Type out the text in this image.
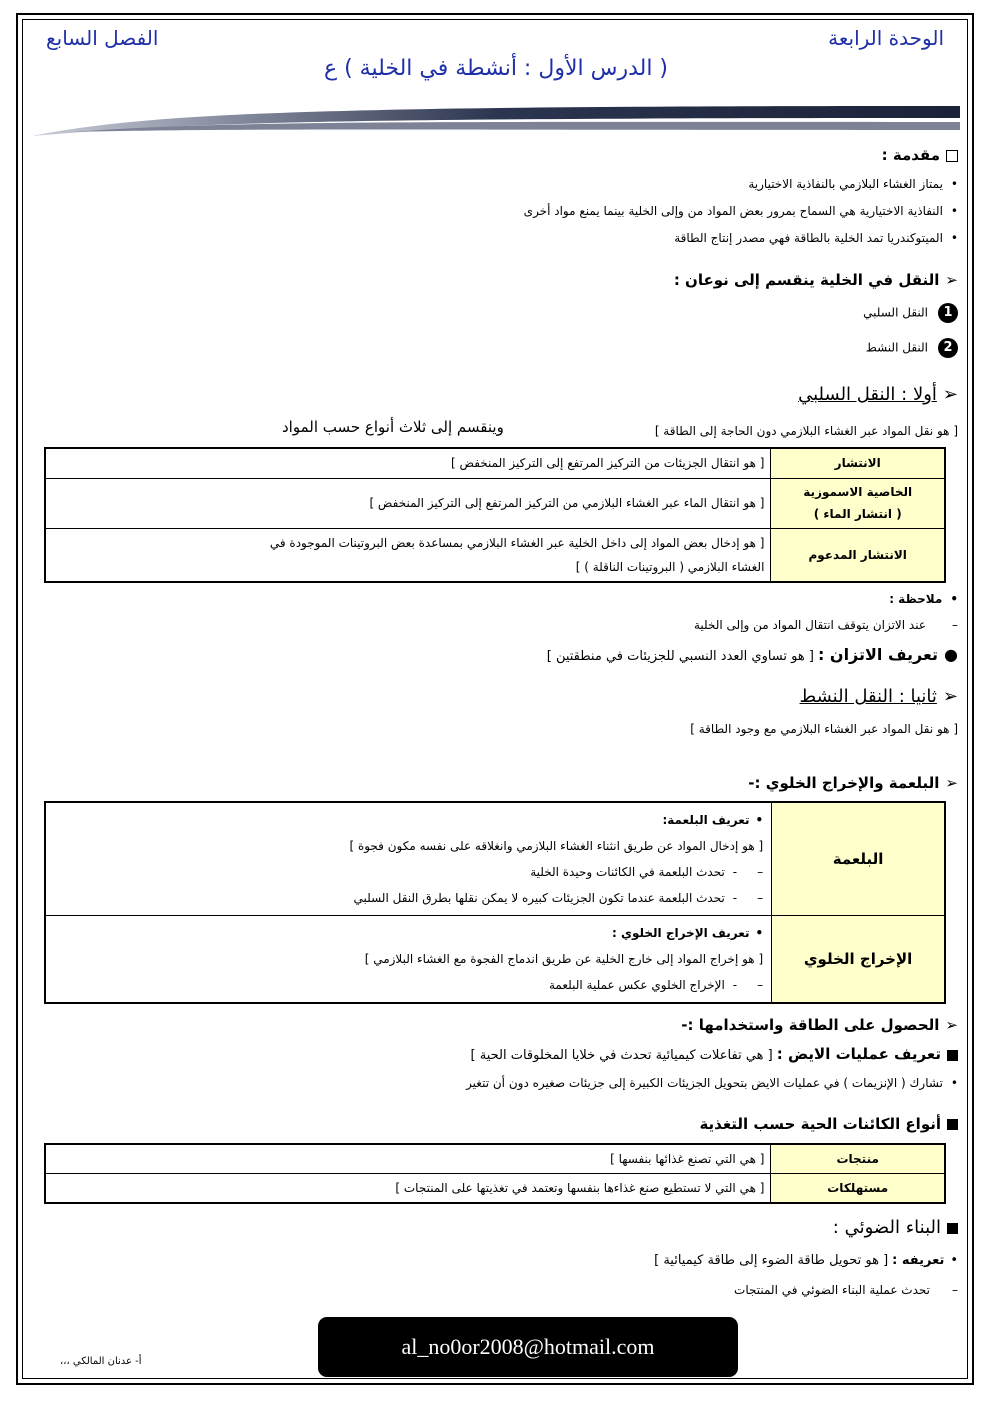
الوحدة الرابعة
الفصل السابع
( الدرس الأول : أنشطة في الخلية ) ع
مقدمة :
• يمتاز الغشاء البلازمي بالنفاذية الاختيارية
• النفاذية الاختيارية هي السماح بمرور بعض المواد من وإلى الخلية بينما يمنع مواد أخرى
• الميتوكندريا تمد الخلية بالطاقة فهي مصدر إنتاج الطاقة
➢النقل في الخلية ينقسم إلى نوعان :
1النقل السلبي
2النقل النشط
➢أولا : النقل السلبي
[ هو نقل المواد عبر الغشاء البلازمي دون الحاجة إلى الطاقة ]
وينقسم إلى ثلاث أنواع حسب المواد
[ هو انتقال الجزيئات من التركيز المرتفع إلى التركيز المنخفض ]	الانتشار
[ هو انتقال الماء عبر الغشاء البلازمي من التركيز المرتفع إلى التركيز المنخفض ]	الخاصية الاسموزية
( انتشار الماء )

[ هو إدخال بعض المواد إلى داخل الخلية عبر الغشاء البلازمي بمساعدة بعض البروتينات الموجودة في
الغشاء البلازمي ( البروتينات الناقلة ) ]	الانتشار المدعوم
• ملاحظة :
–عند الاتزان يتوقف انتقال المواد من وإلى الخلية
●تعريف الاتزان :[ هو تساوي العدد النسبي للجزيئات في منطقتين ]
➢ثانيا : النقل النشط
[ هو نقل المواد عبر الغشاء البلازمي مع وجود الطاقة ]
➢البلعمة والإخراج الخلوي :-
•تعريف البلعمة:
[ هو إدخال المواد عن طريق انثناء الغشاء البلازمي وانغلاقه على نفسه مكون فجوة ]
–-تحدث البلعمة في الكائنات وحيدة الخلية
–-تحدث البلعمة عندما تكون الجزيئات كبيره لا يمكن نقلها بطرق النقل السلبي	البلعمة

•تعريف الإخراج الخلوي :
[ هو إخراج المواد إلى خارج الخلية عن طريق اندماج الفجوة مع الغشاء البلازمي ]
–-الإخراج الخلوي عكس عملية البلعمة	الإخراج الخلوي
➢الحصول على الطاقة واستخدامها :-
تعريف عمليات الايض :[ هي تفاعلات كيميائية تحدث في خلايا المخلوقات الحية ]
• تشارك ( الإنزيمات ) في عمليات الايض بتحويل الجزيئات الكبيرة إلى جزيئات صغيره دون أن تتغير
أنواع الكائنات الحية حسب التغذية
[ هي التي تصنع غذائها بنفسها ]	منتجات
[ هي التي لا تستطيع صنع غذاءها بنفسها وتعتمد في تغذيتها على المنتجات ]	مستهلكات
البناء الضوئي :
•تعريفه :[ هو تحويل طاقة الضوء إلى طاقة كيميائية ]
–تحدث عملية البناء الضوئي في المنتجات
al_no0or2008@hotmail.com
أ- عدنان المالكي ،،،
